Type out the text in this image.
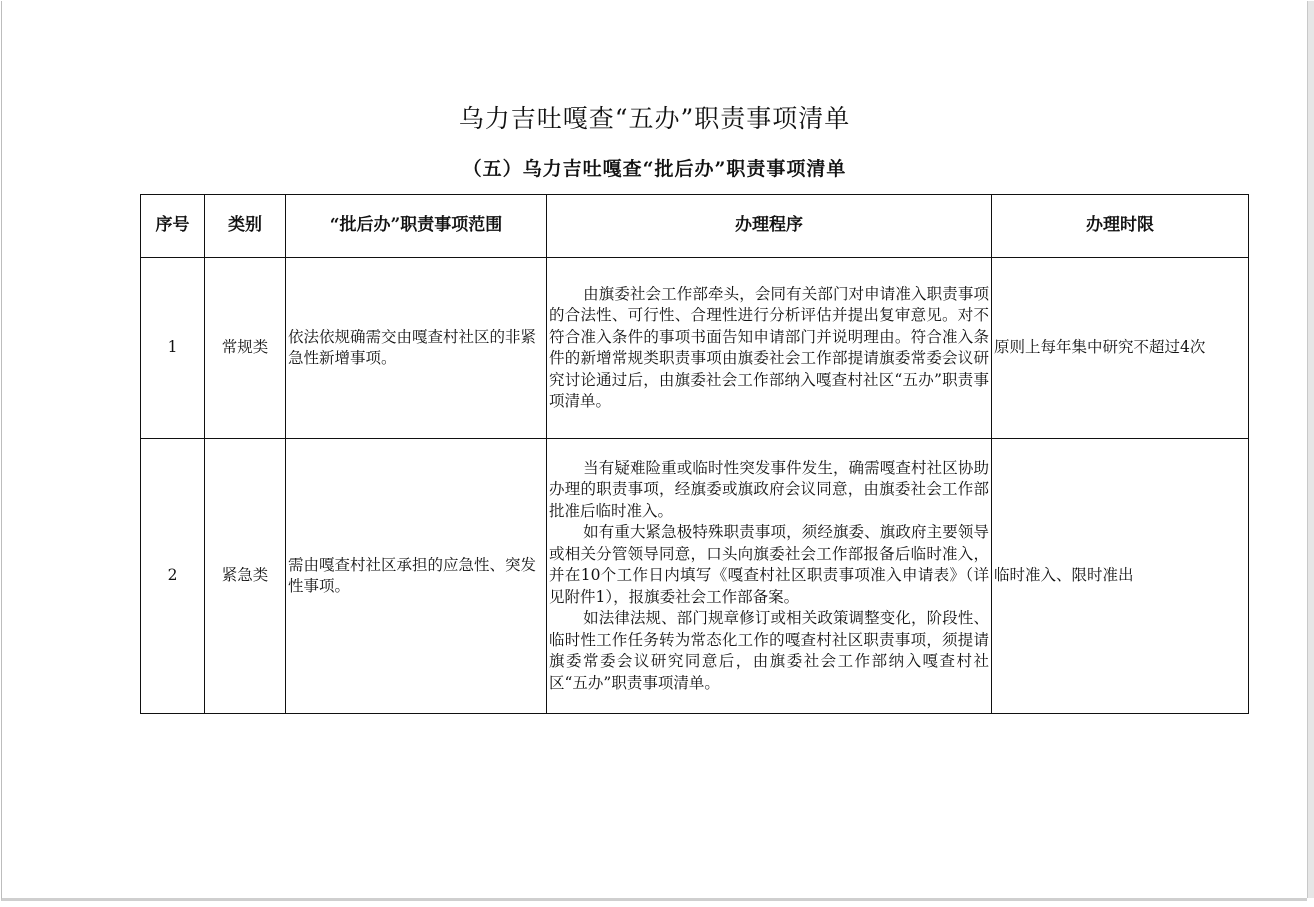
乌力吉吐嘎查“五办”职责事项清单
（五）乌力吉吐嘎查“批后办”职责事项清单
序号	类别	“批后办”职责事项范围	办理程序	办理时限
1	常规类	依法依规确需交由嘎查村社区的非紧急性新增事项。	由旗委社会工作部牵头，会同有关部门对申请准入职责事项的合法性、可行性、合理性进行分析评估并提出复审意见。对不符合准入条件的事项书面告知申请部门并说明理由。符合准入条件的新增常规类职责事项由旗委社会工作部提请旗委常委会议研究讨论通过后，由旗委社会工作部纳入嘎查村社区“五办”职责事项清单。	原则上每年集中研究不超过4次
2	紧急类	需由嘎查村社区承担的应急性、突发性事项。	当有疑难险重或临时性突发事件发生，确需嘎查村社区协助办理的职责事项，经旗委或旗政府会议同意，由旗委社会工作部批准后临时准入。

如有重大紧急极特殊职责事项，须经旗委、旗政府主要领导或相关分管领导同意，口头向旗委社会工作部报备后临时准入，并在10个工作日内填写《嘎查村社区职责事项准入申请表》（详见附件1），报旗委社会工作部备案。

如法律法规、部门规章修订或相关政策调整变化，阶段性、临时性工作任务转为常态化工作的嘎查村社区职责事项，须提请旗委常委会议研究同意后，由旗委社会工作部纳入嘎查村社区“五办”职责事项清单。	临时准入、限时准出
